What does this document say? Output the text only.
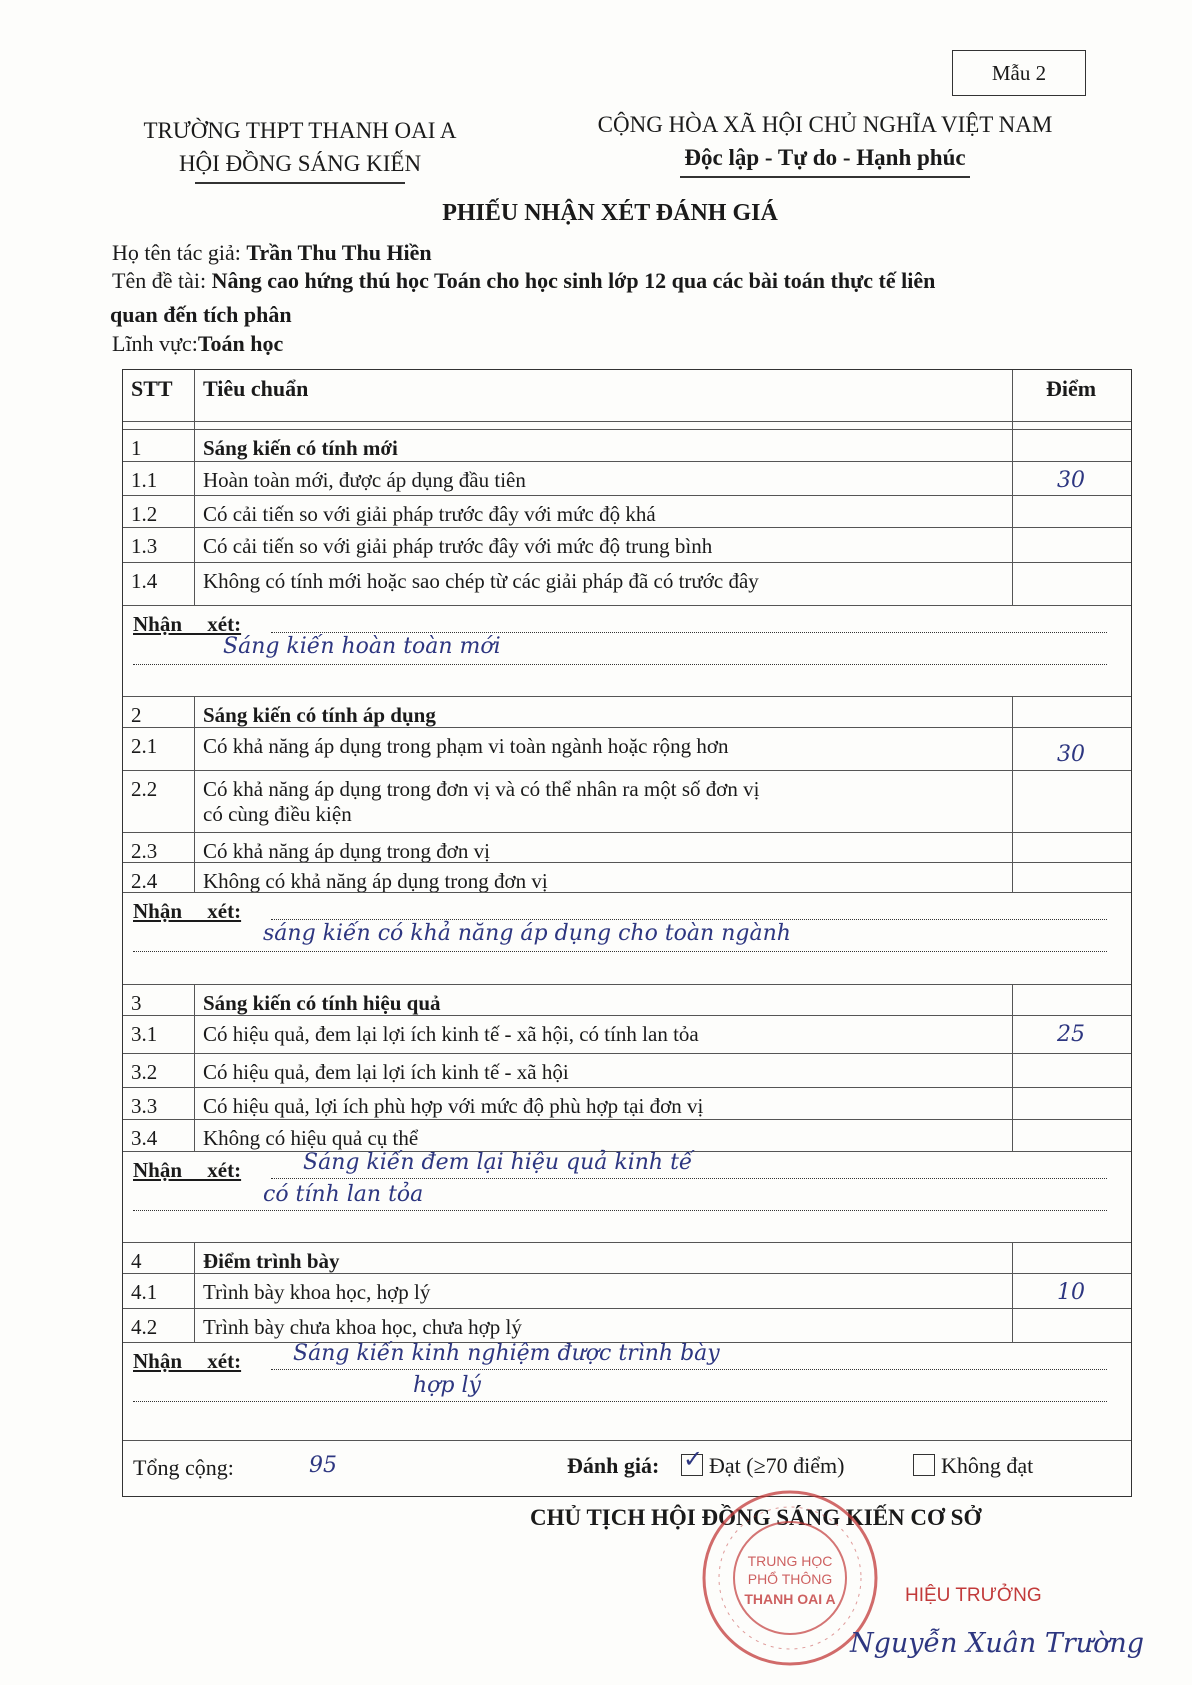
Mẫu 2
TRƯỜNG THPT THANH OAI A
HỘI ĐỒNG SÁNG KIẾN
CỘNG HÒA XÃ HỘI CHỦ NGHĨA VIỆT NAM
Độc lập - Tự do - Hạnh phúc
PHIẾU NHẬN XÉT ĐÁNH GIÁ
Họ tên tác giả: Trần Thu Thu Hiền
Tên đề tài: Nâng cao hứng thú học Toán cho học sinh lớp 12 qua các bài toán thực tế liên
quan đến tích phân
Lĩnh vực:Toán học
STT	Tiêu chuẩn	Điểm
1	Sáng kiến có tính mới
1.1	Hoàn toàn mới, được áp dụng đầu tiên	30
1.2	Có cải tiến so với giải pháp trước đây với mức độ khá
1.3	Có cải tiến so với giải pháp trước đây với mức độ trung bình
1.4	Không có tính mới hoặc sao chép từ các giải pháp đã có trước đây
Nhận xét:
Sáng kiến hoàn toàn mới
2	Sáng kiến có tính áp dụng
2.1	Có khả năng áp dụng trong phạm vi toàn ngành hoặc rộng hơn	30
2.2	Có khả năng áp dụng trong đơn vị và có thể nhân ra một số đơn vị
có cùng điều kiện
2.3	Có khả năng áp dụng trong đơn vị
2.4	Không có khả năng áp dụng trong đơn vị
Nhận xét:
sáng kiến có khả năng áp dụng cho toàn ngành
3	Sáng kiến có tính hiệu quả
3.1	Có hiệu quả, đem lại lợi ích kinh tế - xã hội, có tính lan tỏa	25
3.2	Có hiệu quả, đem lại lợi ích kinh tế - xã hội
3.3	Có hiệu quả, lợi ích phù hợp với mức độ phù hợp tại đơn vị
3.4	Không có hiệu quả cụ thể
Nhận xét:	Sáng kiến đem lại hiệu quả kinh tế
có tính lan tỏa
4	Điểm trình bày
4.1	Trình bày khoa học, hợp lý	10
4.2	Trình bày chưa khoa học, chưa hợp lý
Nhận xét: Sáng kiến kinh nghiệm được trình bày
hợp lý
Tổng cộng:	95	Đánh giá: ✓ Đạt (≥70 điểm)	Không đạt
CHỦ TỊCH HỘI ĐỒNG SÁNG KIẾN CƠ SỞ
TRUNG HỌC
PHỔ THÔNG
THANH OAI A	HIỆU TRƯỞNG
Nguyễn Xuân Trường
